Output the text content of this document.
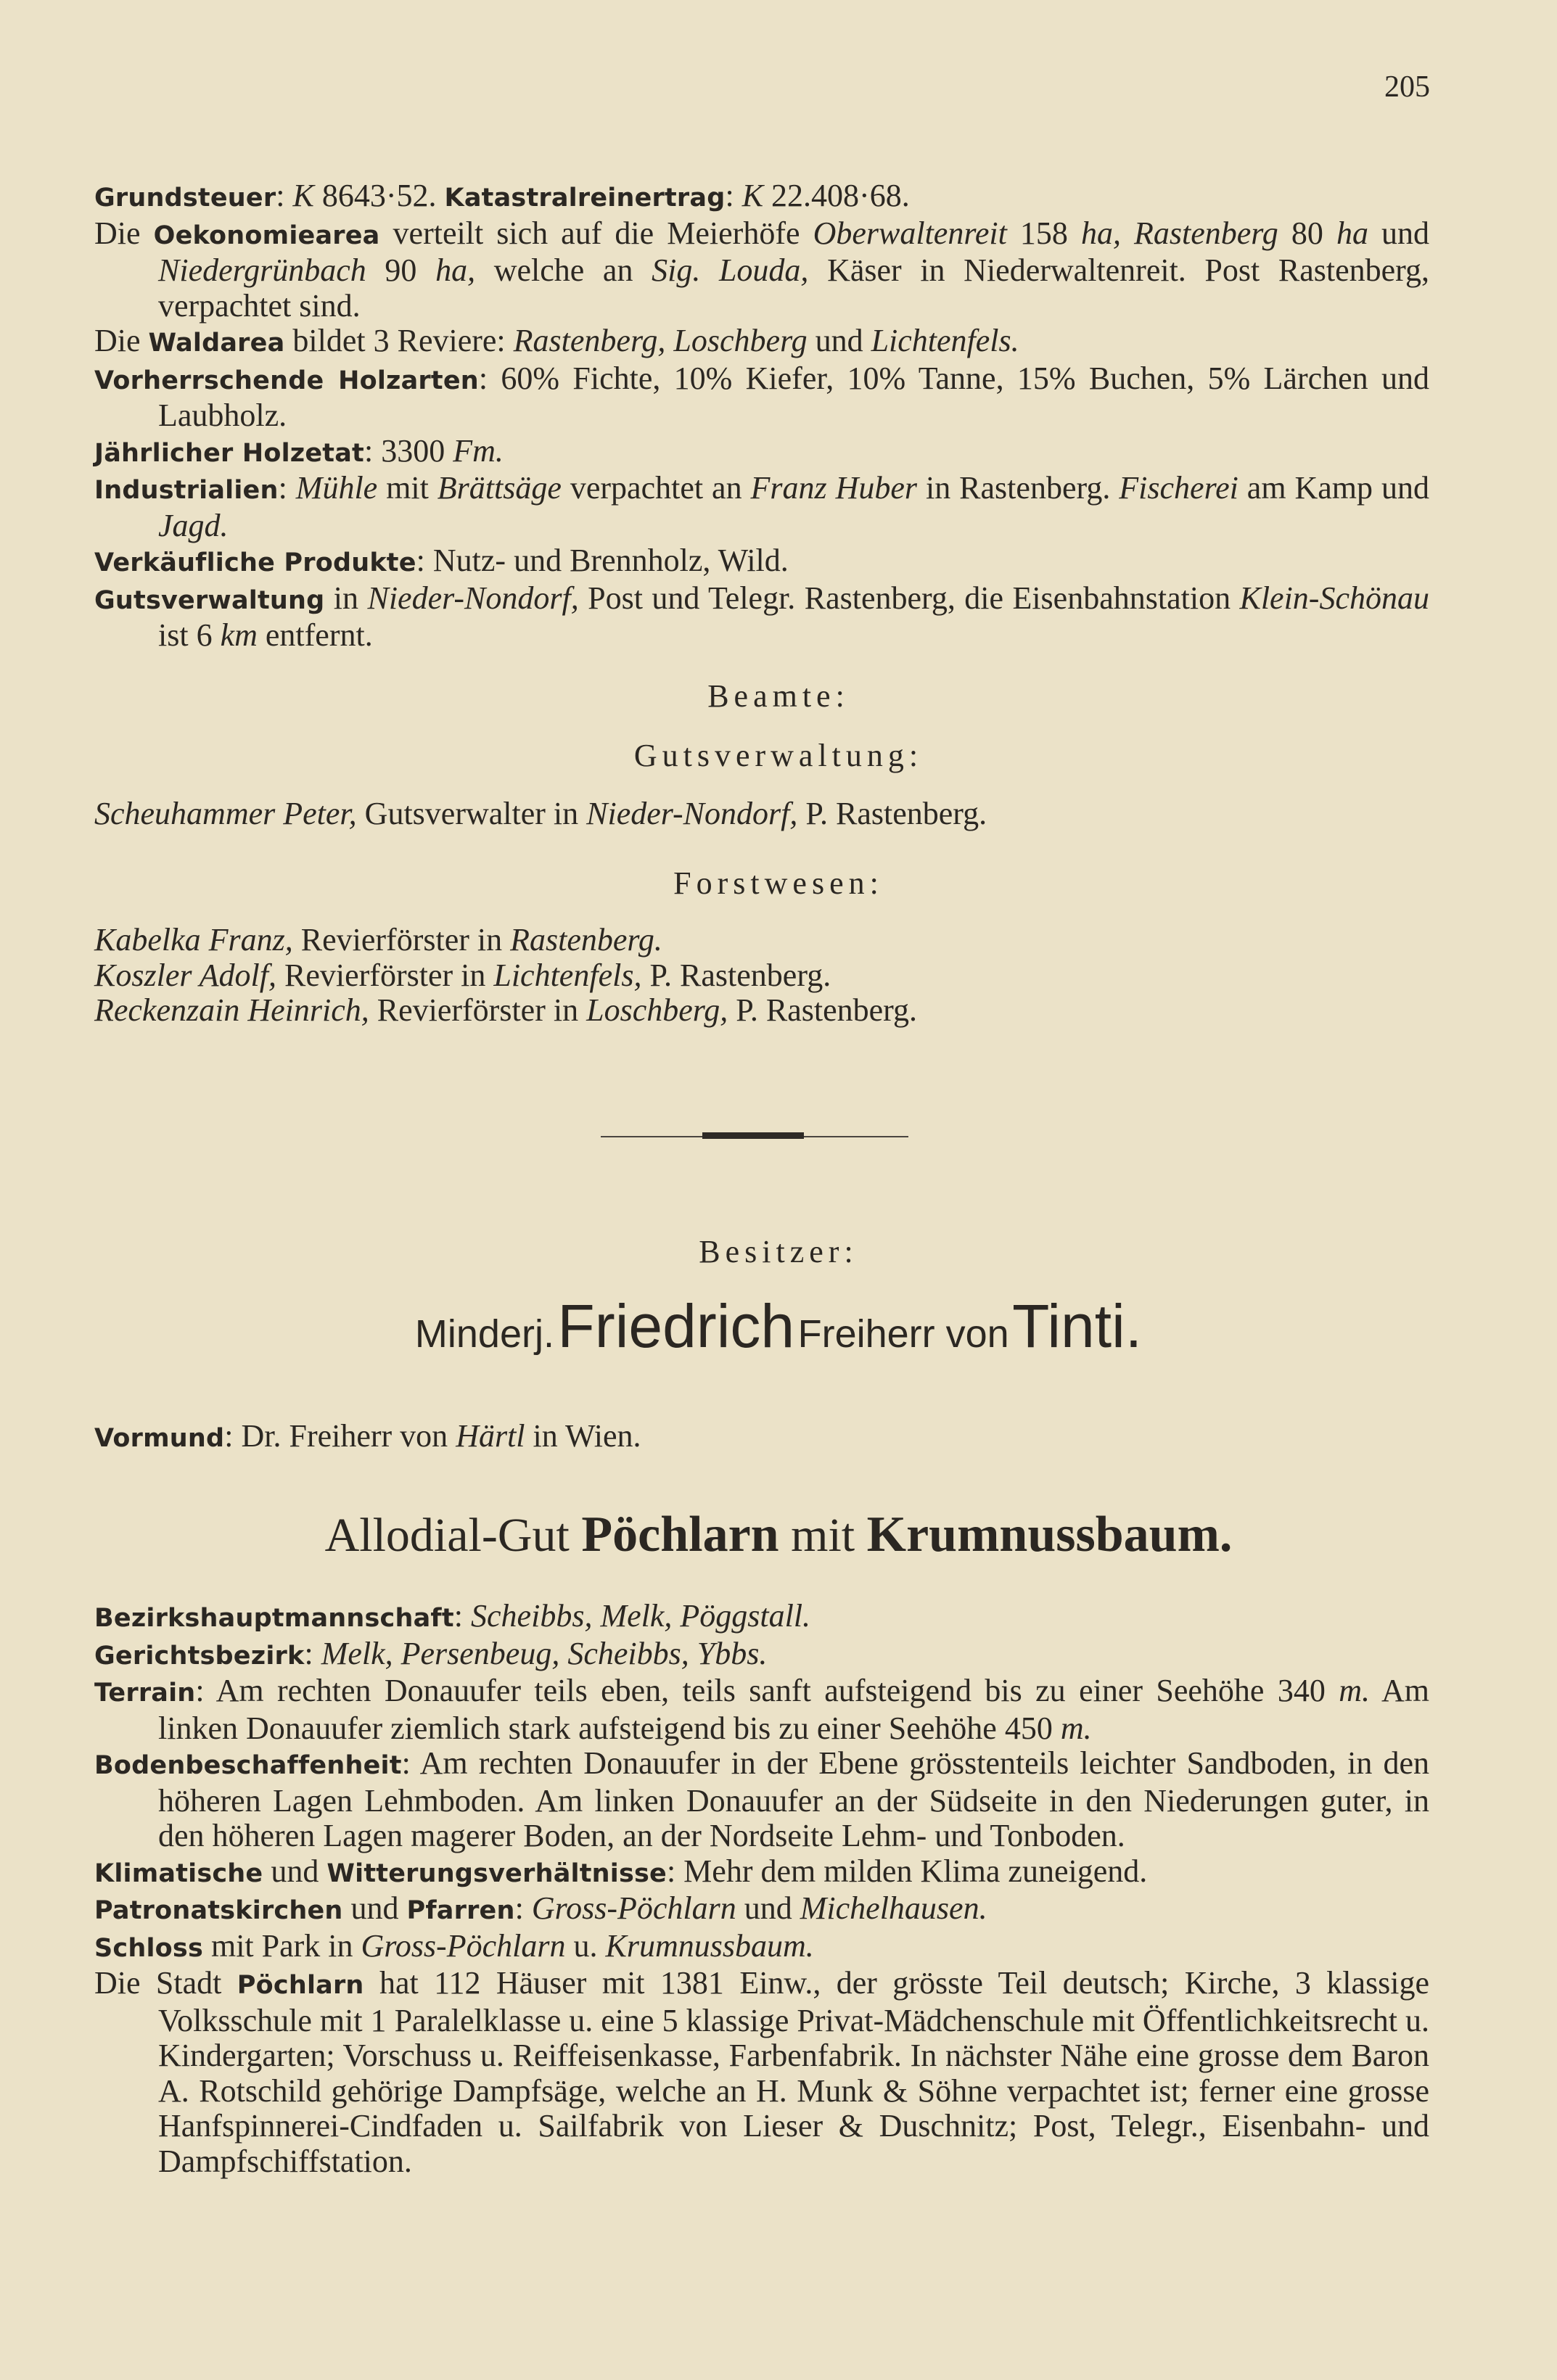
205
Grundsteuer: K 8643·52. Katastralreinertrag: K 22.408·68.
Die Oekonomiearea verteilt sich auf die Meierhöfe Oberwaltenreit 158 ha, Rastenberg 80 ha und Niedergrünbach 90 ha, welche an Sig. Louda, Käser in Niederwaltenreit. Post Rastenberg, verpachtet sind.
Die Waldarea bildet 3 Reviere: Rastenberg, Loschberg und Lichtenfels.
Vorherrschende Holzarten: 60% Fichte, 10% Kiefer, 10% Tanne, 15% Buchen, 5% Lärchen und Laubholz.
Jährlicher Holzetat: 3300 Fm.
Industrialien: Mühle mit Brättsäge verpachtet an Franz Huber in Rastenberg. Fischerei am Kamp und Jagd.
Verkäufliche Produkte: Nutz- und Brennholz, Wild.
Gutsverwaltung in Nieder-Nondorf, Post und Telegr. Rastenberg, die Eisenbahnstation Klein-Schönau ist 6 km entfernt.
Beamte:
Gutsverwaltung:
Scheuhammer Peter, Gutsverwalter in Nieder-Nondorf, P. Rastenberg.
Forstwesen:
Kabelka Franz, Revierförster in Rastenberg.
Koszler Adolf, Revierförster in Lichtenfels, P. Rastenberg.
Reckenzain Heinrich, Revierförster in Loschberg, P. Rastenberg.
Besitzer:
Minderj. Friedrich Freiherr von Tinti.
Vormund: Dr. Freiherr von Härtl in Wien.
Allodial-Gut Pöchlarn mit Krumnussbaum.
Bezirkshauptmannschaft: Scheibbs, Melk, Pöggstall.
Gerichtsbezirk: Melk, Persenbeug, Scheibbs, Ybbs.
Terrain: Am rechten Donauufer teils eben, teils sanft aufsteigend bis zu einer Seehöhe 340 m. Am linken Donauufer ziemlich stark aufsteigend bis zu einer Seehöhe 450 m.
Bodenbeschaffenheit: Am rechten Donauufer in der Ebene grösstenteils leichter Sandboden, in den höheren Lagen Lehmboden. Am linken Donauufer an der Südseite in den Niederungen guter, in den höheren Lagen magerer Boden, an der Nordseite Lehm- und Tonboden.
Klimatische und Witterungsverhältnisse: Mehr dem milden Klima zuneigend.
Patronatskirchen und Pfarren: Gross-Pöchlarn und Michelhausen.
Schloss mit Park in Gross-Pöchlarn u. Krumnussbaum.
Die Stadt Pöchlarn hat 112 Häuser mit 1381 Einw., der grösste Teil deutsch; Kirche, 3 klassige Volksschule mit 1 Paralelklasse u. eine 5 klassige Privat-Mädchenschule mit Öffentlichkeitsrecht u. Kindergarten; Vorschuss u. Reiffeisenkasse, Farbenfabrik. In nächster Nähe eine grosse dem Baron A. Rotschild gehörige Dampfsäge, welche an H. Munk & Söhne verpachtet ist; ferner eine grosse Hanfspinnerei-Cindfaden u. Sailfabrik von Lieser & Duschnitz; Post, Telegr., Eisenbahn- und Dampfschiffstation.
